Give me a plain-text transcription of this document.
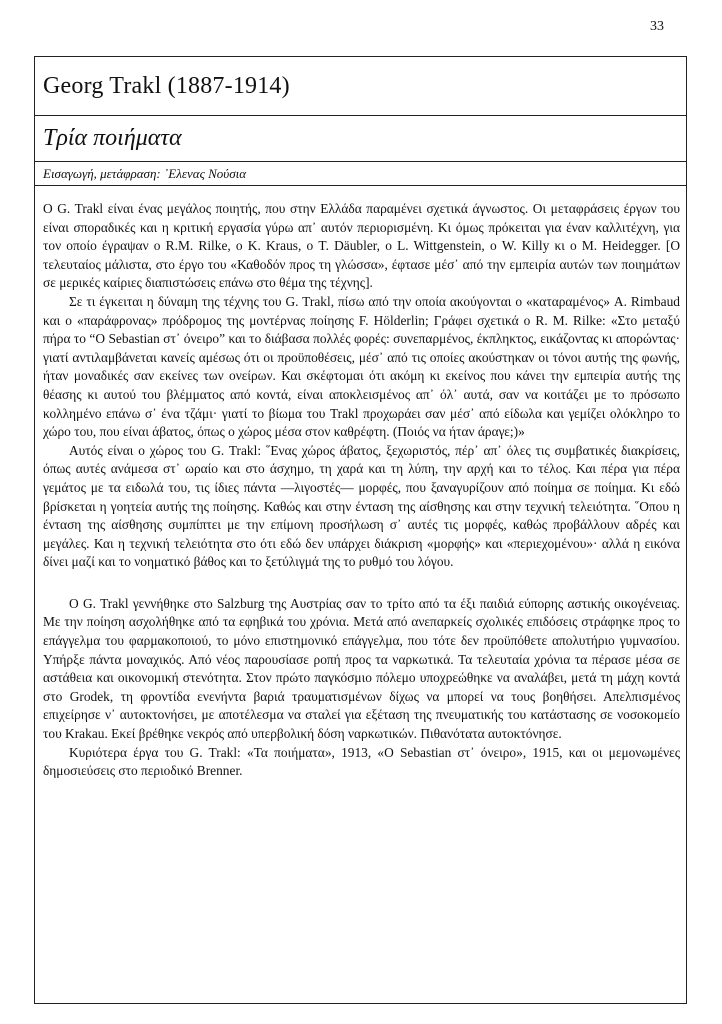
33
Georg Trakl (1887-1914)
Τρία ποιήματα
Εισαγωγή, μετάφραση: ᾿Ελενας Νούσια

Ο G. Trakl είναι ένας μεγάλος ποιητής, που στην Ελλάδα παραμένει σχετικά άγνωστος. Οι μεταφράσεις έργων του είναι σποραδικές και η κριτική εργασία γύρω απ᾿ αυτόν περιορισμένη. Κι όμως πρόκειται για έναν καλλιτέχνη, για τον οποίο έγραψαν ο R.M. Rilke, ο K. Kraus, ο T. Däubler, ο L. Wittgenstein, ο W. Killy κι ο M. Heidegger. [Ο τελευταίος μάλιστα, στο έργο του «Καθοδόν προς τη γλώσσα», έφτασε μέσ᾿ από την εμπειρία αυτών των ποιημάτων σε μερικές καίριες διαπιστώσεις επάνω στο θέμα της τέχνης].

Σε τι έγκειται η δύναμη της τέχνης του G. Trakl, πίσω από την οποία ακούγονται ο «καταραμένος» A. Rimbaud και ο «παράφρονας» πρόδρομος της μοντέρνας ποίησης F. Hölderlin; Γράφει σχετικά ο R. M. Rilke: «Στο μεταξύ πήρα το “Ο Sebastian στ᾿ όνειρο” και το διάβασα πολλές φορές: συνεπαρμένος, έκπληκτος, εικάζοντας κι απορώντας· γιατί αντιλαμβάνεται κανείς αμέσως ότι οι προϋποθέσεις, μέσ᾿ από τις οποίες ακούστηκαν οι τόνοι αυτής της φωνής, ήταν μοναδικές σαν εκείνες των ονείρων. Και σκέφτομαι ότι ακόμη κι εκείνος που κάνει την εμπειρία αυτής της θέασης κι αυτού του βλέμματος από κοντά, είναι αποκλεισμένος απ᾿ όλ᾿ αυτά, σαν να κοιτάζει με το πρόσωπο κολλημένο επάνω σ᾿ ένα τζάμι· γιατί το βίωμα του Trakl προχωράει σαν μέσ᾿ από είδωλα και γεμίζει ολόκληρο το χώρο του, που είναι άβατος, όπως ο χώρος μέσα στον καθρέφτη. (Ποιός να ήταν άραγε;)»

Αυτός είναι ο χώρος του G. Trakl: ῞Ενας χώρος άβατος, ξεχωριστός, πέρ᾿ απ᾿ όλες τις συμβατικές διακρίσεις, όπως αυτές ανάμεσα στ᾿ ωραίο και στο άσχημο, τη χαρά και τη λύπη, την αρχή και το τέλος. Και πέρα για πέρα γεμάτος με τα ειδωλά του, τις ίδιες πάντα —λιγοστές— μορφές, που ξαναγυρίζουν από ποίημα σε ποίημα. Κι εδώ βρίσκεται η γοητεία αυτής της ποίησης. Καθώς και στην ένταση της αίσθησης και στην τεχνική τελειότητα. ῞Οπου η ένταση της αίσθησης συμπίπτει με την επίμονη προσήλωση σ᾿ αυτές τις μορφές, καθώς προβάλλουν αδρές και μεγάλες. Και η τεχνική τελειότητα στο ότι εδώ δεν υπάρχει διάκριση «μορφής» και «περιεχομένου»· αλλά η εικόνα δίνει μαζί και το νοηματικό βάθος και το ξετύλιγμά της το ρυθμό του λόγου.

Ο G. Trakl γεννήθηκε στο Salzburg της Αυστρίας σαν το τρίτο από τα έξι παιδιά εύπορης αστικής οικογένειας. Με την ποίηση ασχολήθηκε από τα εφηβικά του χρόνια. Μετά από ανεπαρκείς σχολικές επιδόσεις στράφηκε προς το επάγγελμα του φαρμακοποιού, το μόνο επιστημονικό επάγγελμα, που τότε δεν προϋπόθετε απολυτήριο γυμνασίου. Υπήρξε πάντα μοναχικός. Από νέος παρουσίασε ροπή προς τα ναρκωτικά. Τα τελευταία χρόνια τα πέρασε μέσα σε αστάθεια και οικονομική στενότητα. Στον πρώτο παγκόσμιο πόλεμο υποχρεώθηκε να αναλάβει, μετά τη μάχη κοντά στο Grodek, τη φροντίδα ενενήντα βαριά τραυματισμένων δίχως να μπορεί να τους βοηθήσει. Απελπισμένος επιχείρησε ν᾿ αυτοκτονήσει, με αποτέλεσμα να σταλεί για εξέταση της πνευματικής του κατάστασης σε νοσοκομείο του Krakau. Εκεί βρέθηκε νεκρός από υπερβολική δόση ναρκωτικών. Πιθανότατα αυτοκτόνησε.

Κυριότερα έργα του G. Trakl: «Τα ποιήματα», 1913, «Ο Sebastian στ᾿ όνειρο», 1915, και οι μεμονωμένες δημοσιεύσεις στο περιοδικό Brenner.
